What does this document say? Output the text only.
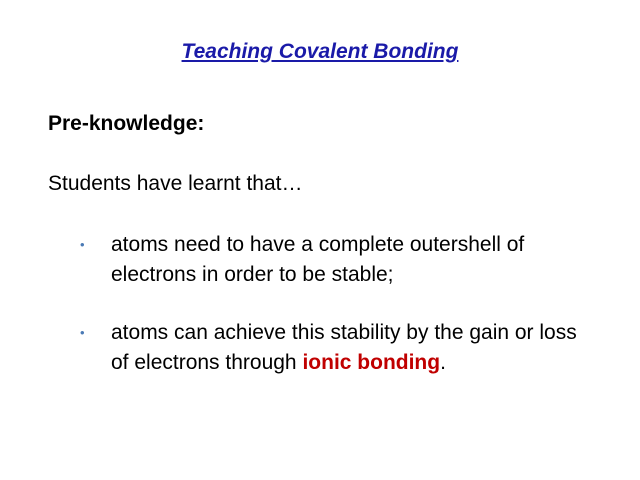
Teaching Covalent Bonding
Pre-knowledge:

Students have learnt that…

• atoms need to have a complete outershell of electrons in order to be stable;
• atoms can achieve this stability by the gain or loss of electrons through ionic bonding.
